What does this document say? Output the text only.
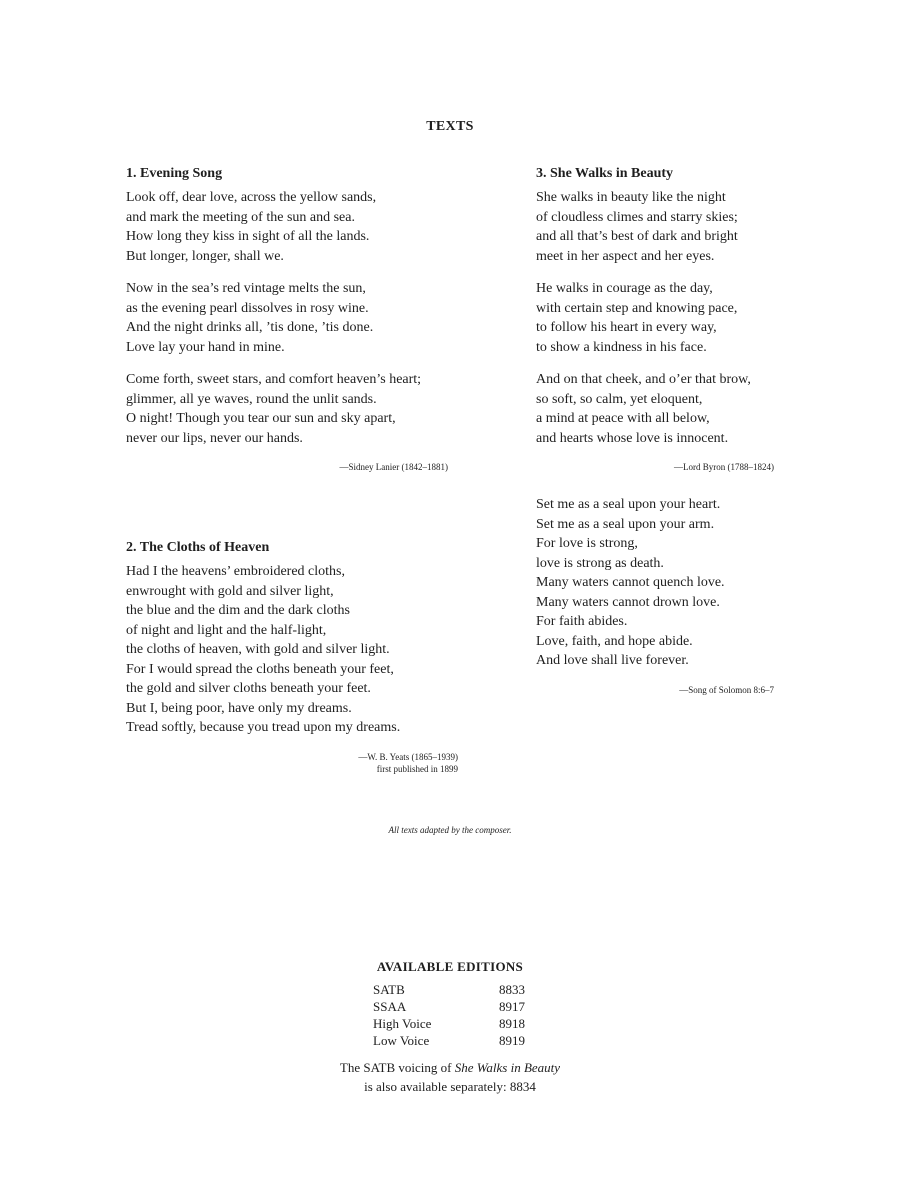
TEXTS
1. Evening Song
Look off, dear love, across the yellow sands,
and mark the meeting of the sun and sea.
How long they kiss in sight of all the lands.
But longer, longer, shall we.
Now in the sea’s red vintage melts the sun,
as the evening pearl dissolves in rosy wine.
And the night drinks all, ’tis done, ’tis done.
Love lay your hand in mine.
Come forth, sweet stars, and comfort heaven’s heart;
glimmer, all ye waves, round the unlit sands.
O night! Though you tear our sun and sky apart,
never our lips, never our hands.
—Sidney Lanier (1842–1881)
2. The Cloths of Heaven
Had I the heavens’ embroidered cloths,
enwrought with gold and silver light,
the blue and the dim and the dark cloths
of night and light and the half-light,
the cloths of heaven, with gold and silver light.
For I would spread the cloths beneath your feet,
the gold and silver cloths beneath your feet.
But I, being poor, have only my dreams.
Tread softly, because you tread upon my dreams.
—W. B. Yeats (1865–1939)
first published in 1899
3. She Walks in Beauty
She walks in beauty like the night
of cloudless climes and starry skies;
and all that’s best of dark and bright
meet in her aspect and her eyes.
He walks in courage as the day,
with certain step and knowing pace,
to follow his heart in every way,
to show a kindness in his face.
And on that cheek, and o’er that brow,
so soft, so calm, yet eloquent,
a mind at peace with all below,
and hearts whose love is innocent.
—Lord Byron (1788–1824)
Set me as a seal upon your heart.
Set me as a seal upon your arm.
For love is strong,
love is strong as death.
Many waters cannot quench love.
Many waters cannot drown love.
For faith abides.
Love, faith, and hope abide.
And love shall live forever.
—Song of Solomon 8:6–7
All texts adapted by the composer.
AVAILABLE EDITIONS
SATB	8833
SSAA	8917
High Voice	8918
Low Voice	8919
The SATB voicing of She Walks in Beauty
is also available separately: 8834
